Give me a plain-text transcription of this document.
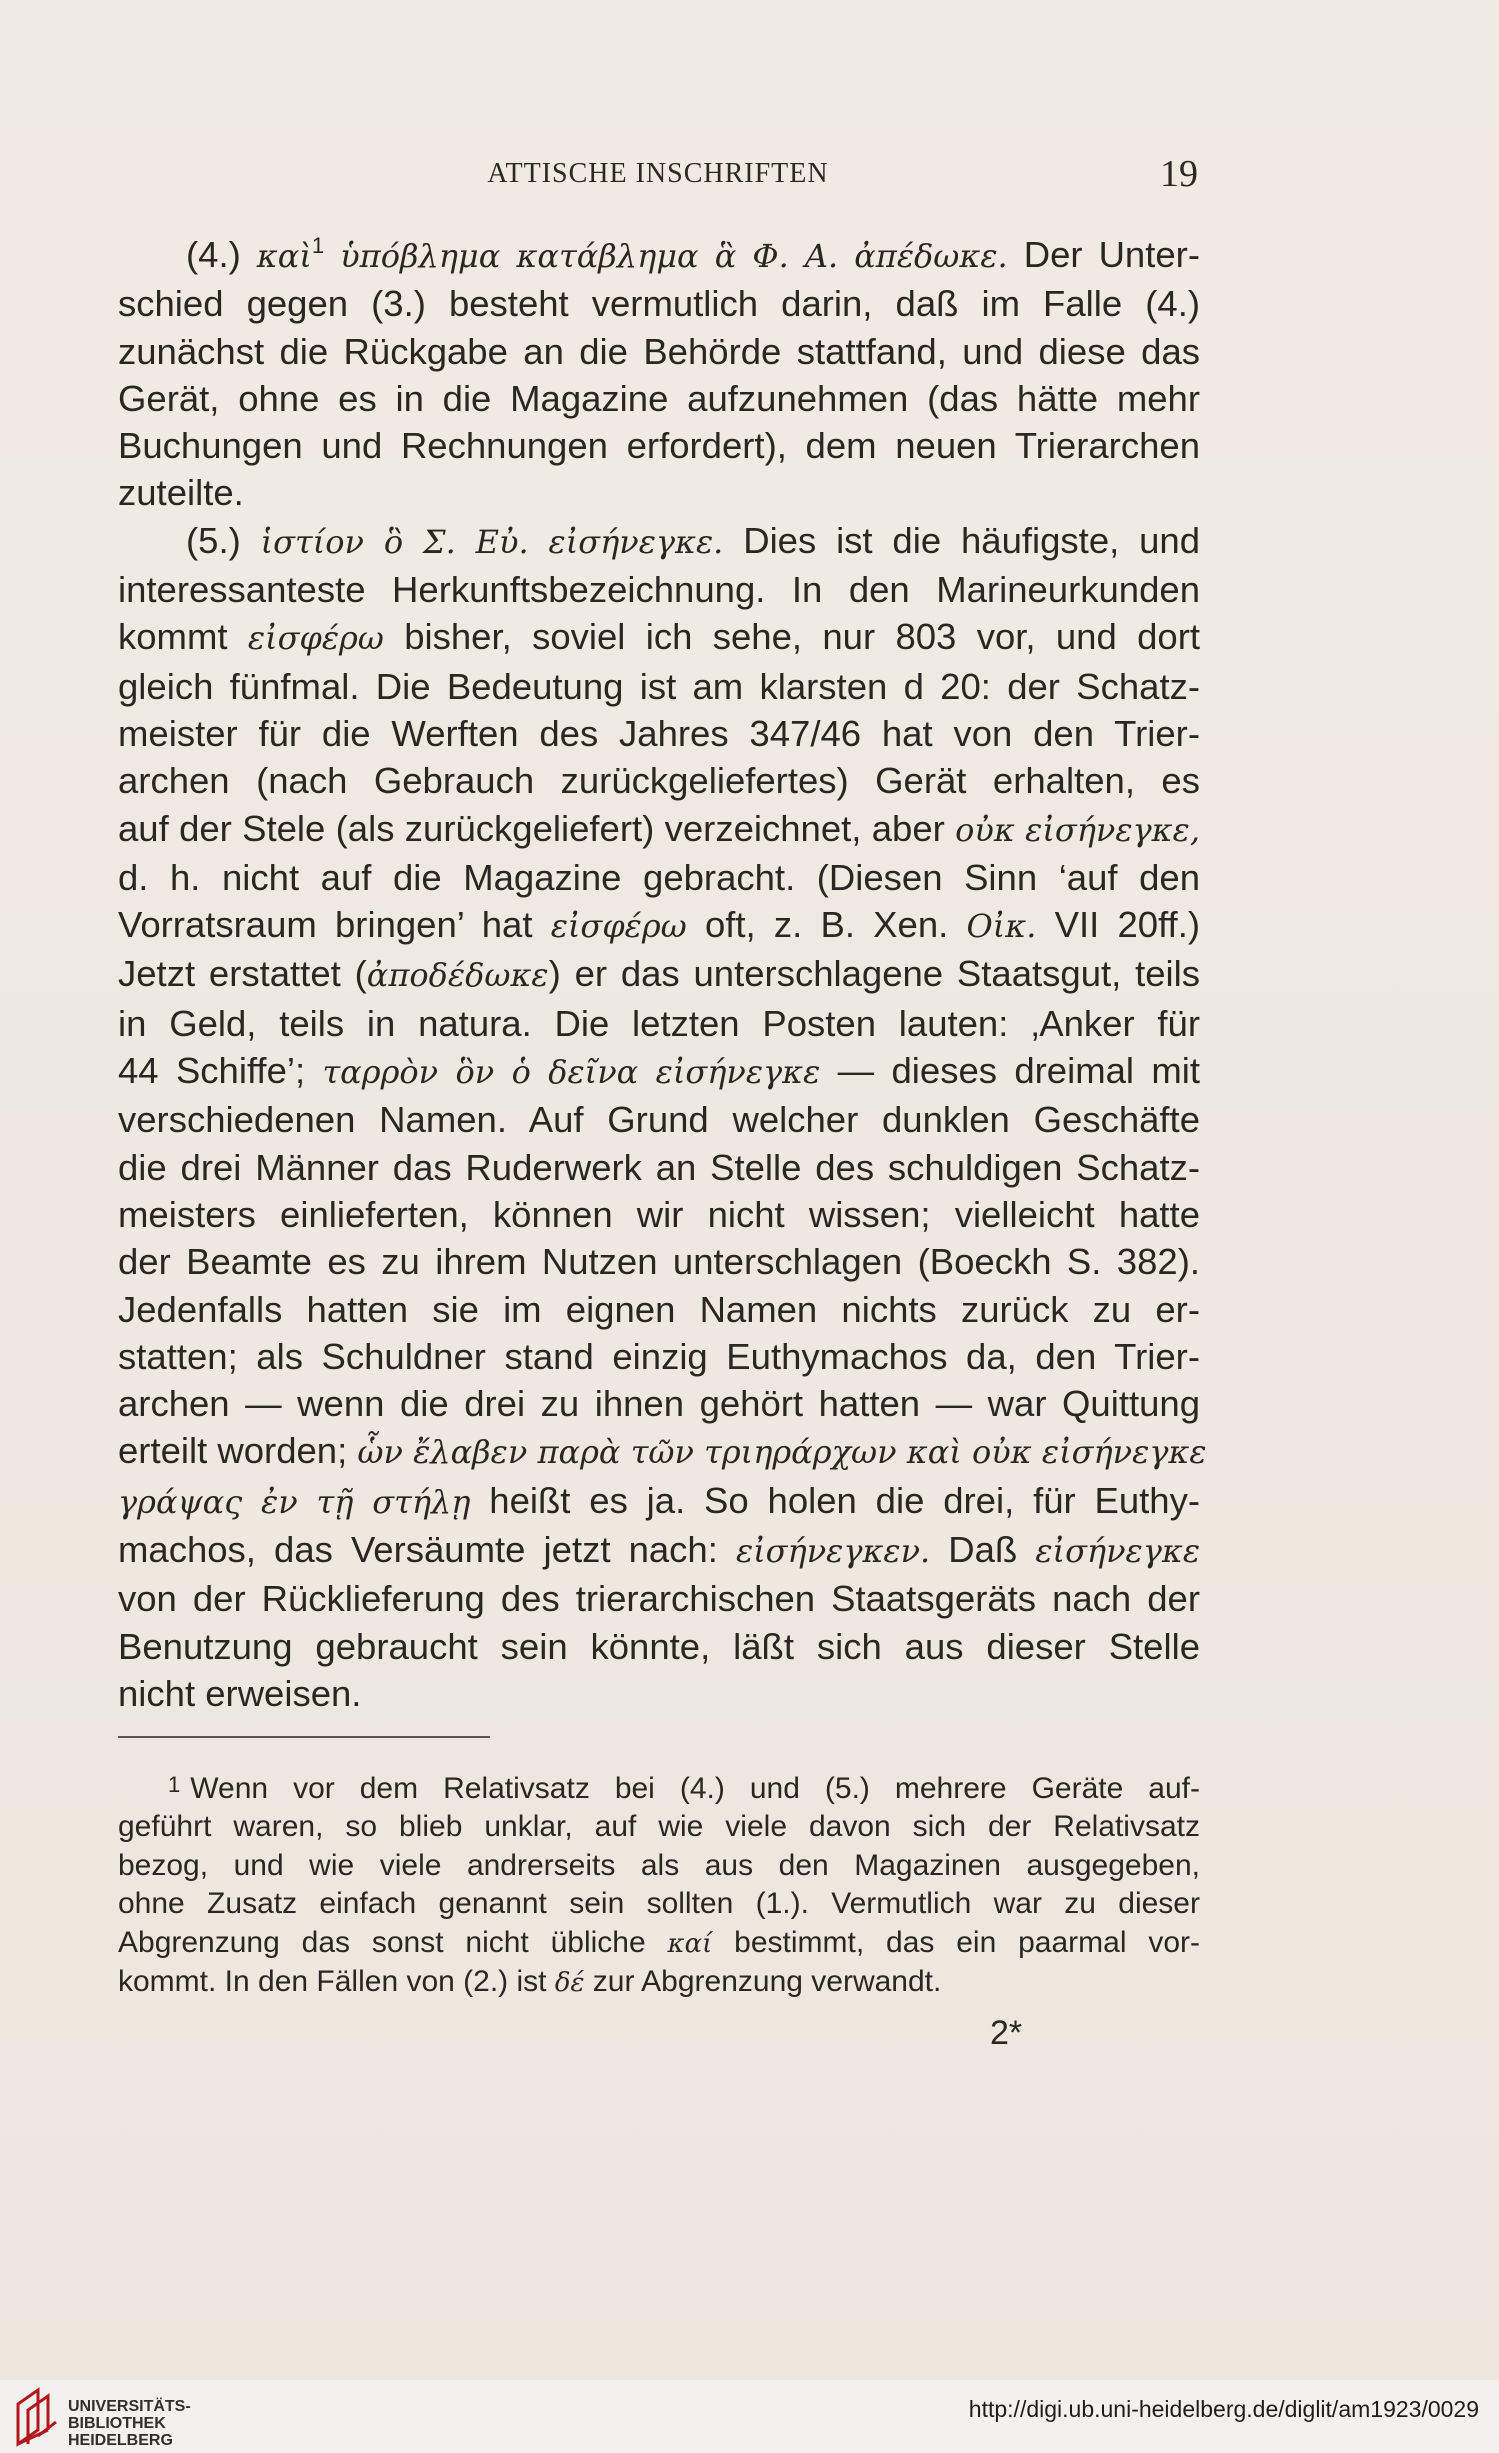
ATTISCHE INSCHRIFTEN	19
(4.) καὶ$^1$ ὑπόβλημα κατάβλημα ἃ Φ. Α. ἀπέδωκε. Der Unter-
schied gegen (3.) besteht vermutlich darin, daß im Falle (4.)
zunächst die Rückgabe an die Behörde stattfand, und diese das
Gerät, ohne es in die Magazine aufzunehmen (das hätte mehr
Buchungen und Rechnungen erfordert), dem neuen Trierarchen
zuteilte.
(5.) ἱστίον ὃ Σ. Εὐ. εἰσήνεγκε. Dies ist die häufigste, und
interessanteste Herkunftsbezeichnung. In den Marineurkunden
kommt εἰσφέρω bisher, soviel ich sehe, nur 803 vor, und dort
gleich fünfmal. Die Bedeutung ist am klarsten d 20: der Schatz-
meister für die Werften des Jahres 347/46 hat von den Trier-
archen (nach Gebrauch zurückgeliefertes) Gerät erhalten, es
auf der Stele (als zurückgeliefert) verzeichnet, aber οὐκ εἰσήνεγκε,
d. h. nicht auf die Magazine gebracht. (Diesen Sinn ‘auf den
Vorratsraum bringen’ hat εἰσφέρω oft, z. B. Xen. Οἰκ. VII 20ff.)
Jetzt erstattet (ἀποδέδωκε) er das unterschlagene Staatsgut, teils
in Geld, teils in natura. Die letzten Posten lauten: ‚Anker für
44 Schiffe’; ταρρὸν ὃν ὁ δεῖνα εἰσήνεγκε — dieses dreimal mit
verschiedenen Namen. Auf Grund welcher dunklen Geschäfte
die drei Männer das Ruderwerk an Stelle des schuldigen Schatz-
meisters einlieferten, können wir nicht wissen; vielleicht hatte
der Beamte es zu ihrem Nutzen unterschlagen (Boeckh S. 382).
Jedenfalls hatten sie im eignen Namen nichts zurück zu er-
statten; als Schuldner stand einzig Euthymachos da, den Trier-
archen — wenn die drei zu ihnen gehört hatten — war Quittung
erteilt worden; ὧν ἔλαβεν παρὰ τῶν τριηράρχων καὶ οὐκ εἰσήνεγκε
γράψας ἐν τῇ στήλῃ heißt es ja. So holen die drei, für Euthy-
machos, das Versäumte jetzt nach: εἰσήνεγκεν. Daß εἰσήνεγκε
von der Rücklieferung des trierarchischen Staatsgeräts nach der
Benutzung gebraucht sein könnte, läßt sich aus dieser Stelle
nicht erweisen.
$^1$ Wenn vor dem Relativsatz bei (4.) und (5.) mehrere Geräte auf-
geführt waren, so blieb unklar, auf wie viele davon sich der Relativsatz
bezog, und wie viele andrerseits als aus den Magazinen ausgegeben,
ohne Zusatz einfach genannt sein sollten (1.). Vermutlich war zu dieser
Abgrenzung das sonst nicht übliche καί bestimmt, das ein paarmal vor-
kommt. In den Fällen von (2.) ist δέ zur Abgrenzung verwandt.
2*
UNIVERSITÄTS-
BIBLIOTHEK
HEIDELBERG
http://digi.ub.uni-heidelberg.de/diglit/am1923/0029
